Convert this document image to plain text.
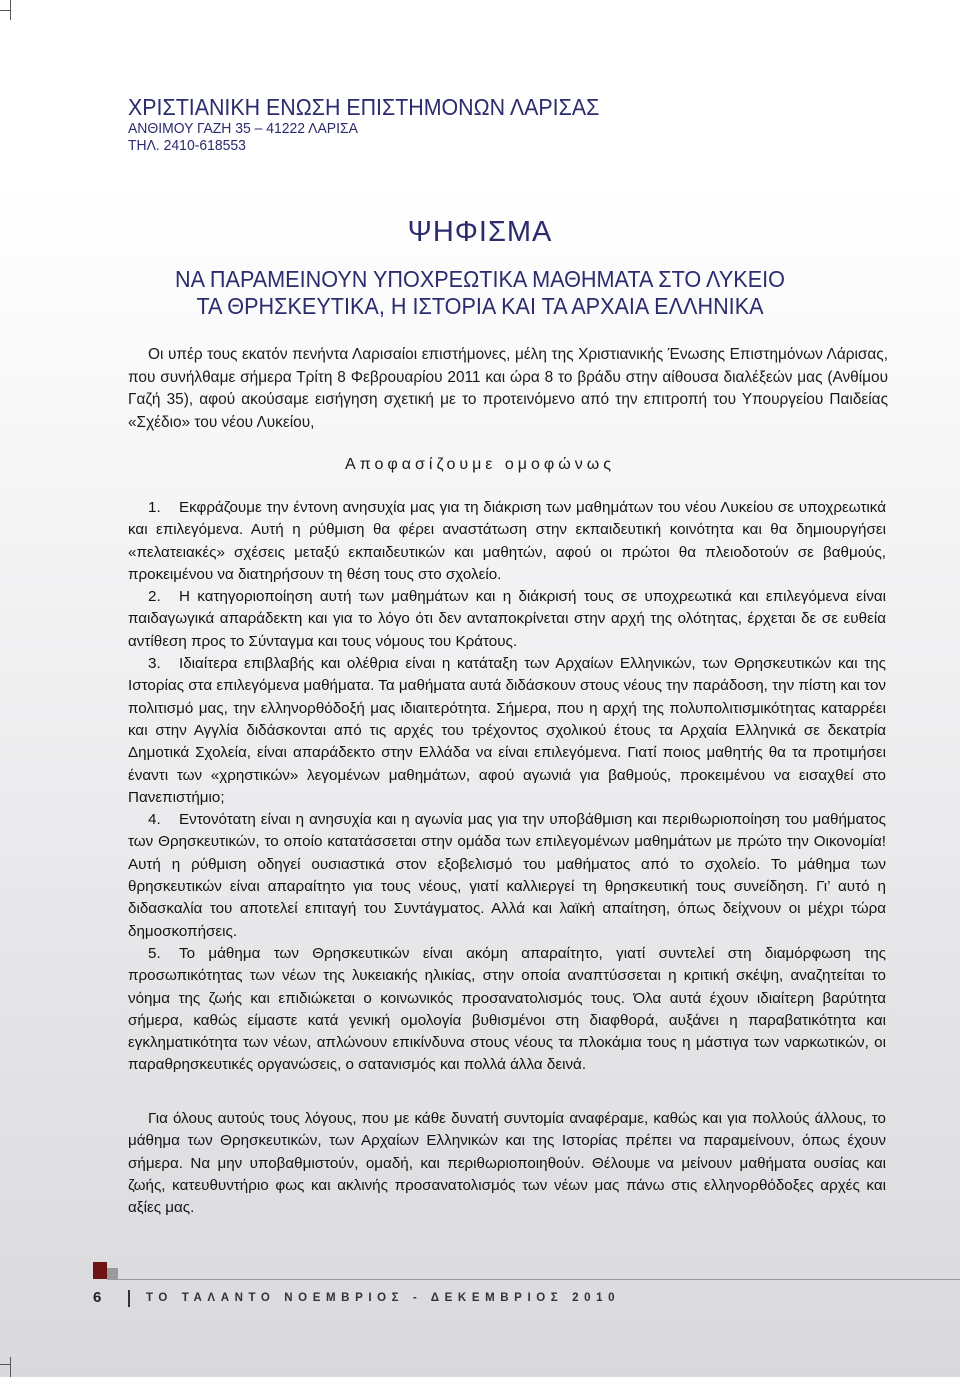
ΧΡΙΣΤΙΑΝΙΚΗ ΕΝΩΣΗ ΕΠΙΣΤΗΜΟΝΩΝ ΛΑΡΙΣΑΣ
ΑΝΘΙΜΟΥ ΓΑΖΗ 35 – 41222 ΛΑΡΙΣΑ
ΤΗΛ. 2410-618553
ΨΗΦΙΣΜΑ
ΝΑ ΠΑΡΑΜΕΙΝΟΥΝ ΥΠΟΧΡΕΩΤΙΚΑ ΜΑΘΗΜΑΤΑ ΣΤΟ ΛΥΚΕΙΟ
ΤΑ ΘΡΗΣΚΕΥΤΙΚΑ, Η ΙΣΤΟΡΙΑ ΚΑΙ ΤΑ ΑΡΧΑΙΑ ΕΛΛΗΝΙΚΑ

Οι υπέρ τους εκατόν πενήντα Λαρισαίοι επιστήμονες, μέλη της Χριστιανικής Ένωσης Επιστημόνων Λάρισας, που συνήλθαμε σήμερα Τρίτη 8 Φεβρουαρίου 2011 και ώρα 8 το βράδυ στην αίθουσα διαλέξεών μας (Ανθίμου Γαζή 35), αφού ακούσαμε εισήγηση σχετική με το προτεινόμενο από την επιτροπή του Υπουργείου Παιδείας «Σχέδιο» του νέου Λυκείου,

Αποφασίζουμε ομοφώνως

1. Εκφράζουμε την έντονη ανησυχία μας για τη διάκριση των μαθημάτων του νέου Λυκείου σε υποχρεωτικά και επιλεγόμενα. Αυτή η ρύθμιση θα φέρει αναστάτωση στην εκπαιδευτική κοινότητα και θα δημιουργήσει «πελατειακές» σχέσεις μεταξύ εκπαιδευτικών και μαθητών, αφού οι πρώτοι θα πλειοδοτούν σε βαθμούς, προκειμένου να διατηρήσουν τη θέση τους στο σχολείο.

2. Η κατηγοριοποίηση αυτή των μαθημάτων και η διάκρισή τους σε υποχρεωτικά και επιλεγόμενα είναι παιδαγωγικά απαράδεκτη και για το λόγο ότι δεν ανταποκρίνεται στην αρχή της ολότητας, έρχεται δε σε ευθεία αντίθεση προς το Σύνταγμα και τους νόμους του Κράτους.

3. Ιδιαίτερα επιβλαβής και ολέθρια είναι η κατάταξη των Αρχαίων Ελληνικών, των Θρησκευτικών και της Ιστορίας στα επιλεγόμενα μαθήματα. Τα μαθήματα αυτά διδάσκουν στους νέους την παράδοση, την πίστη και τον πολιτισμό μας, την ελληνορθόδοξή μας ιδιαιτερότητα. Σήμερα, που η αρχή της πολυπολιτισμικότητας καταρρέει και στην Αγγλία διδάσκονται από τις αρχές του τρέχοντος σχολικού έτους τα Αρχαία Ελληνικά σε δεκατρία Δημοτικά Σχολεία, είναι απαράδεκτο στην Ελλάδα να είναι επιλεγόμενα. Γιατί ποιος μαθητής θα τα προτιμήσει έναντι των «χρηστικών» λεγομένων μαθημάτων, αφού αγωνιά για βαθμούς, προκειμένου να εισαχθεί στο Πανεπιστήμιο;

4. Εντονότατη είναι η ανησυχία και η αγωνία μας για την υποβάθμιση και περιθωριοποίηση του μαθήματος των Θρησκευτικών, το οποίο κατατάσσεται στην ομάδα των επιλεγομένων μαθημάτων με πρώτο την Οικονομία! Αυτή η ρύθμιση οδηγεί ουσιαστικά στον εξοβελισμό του μαθήματος από το σχολείο. Το μάθημα των θρησκευτικών είναι απαραίτητο για τους νέους, γιατί καλλιεργεί τη θρησκευτική τους συνείδηση. Γι’ αυτό η διδασκαλία του αποτελεί επιταγή του Συντάγματος. Αλλά και λαϊκή απαίτηση, όπως δείχνουν οι μέχρι τώρα δημοσκοπήσεις.

5. Το μάθημα των Θρησκευτικών είναι ακόμη απαραίτητο, γιατί συντελεί στη διαμόρφωση της προσωπικότητας των νέων της λυκειακής ηλικίας, στην οποία αναπτύσσεται η κριτική σκέψη, αναζητείται το νόημα της ζωής και επιδιώκεται ο κοινωνικός προσανατολισμός τους. Όλα αυτά έχουν ιδιαίτερη βαρύτητα σήμερα, καθώς είμαστε κατά γενική ομολογία βυθισμένοι στη διαφθορά, αυξάνει η παραβατικότητα και εγκληματικότητα των νέων, απλώνουν επικίνδυνα στους νέους τα πλοκάμια τους η μάστιγα των ναρκωτικών, οι παραθρησκευτικές οργανώσεις, ο σατανισμός και πολλά άλλα δεινά.

Για όλους αυτούς τους λόγους, που με κάθε δυνατή συντομία αναφέραμε, καθώς και για πολλούς άλλους, το μάθημα των Θρησκευτικών, των Αρχαίων Ελληνικών και της Ιστορίας πρέπει να παραμείνουν, όπως έχουν σήμερα. Να μην υποβαθμιστούν, ομαδή, και περιθωριοποιηθούν. Θέλουμε να μείνουν μαθήματα ουσίας και ζωής, κατευθυντήριο φως και ακλινής προσανατολισμός των νέων μας πάνω στις ελληνορθόδοξες αρχές και αξίες μας.

6	ΤΟ ΤΑΛΑΝΤΟ ΝΟΕΜΒΡΙΟΣ - ΔΕΚΕΜΒΡΙΟΣ 2010
